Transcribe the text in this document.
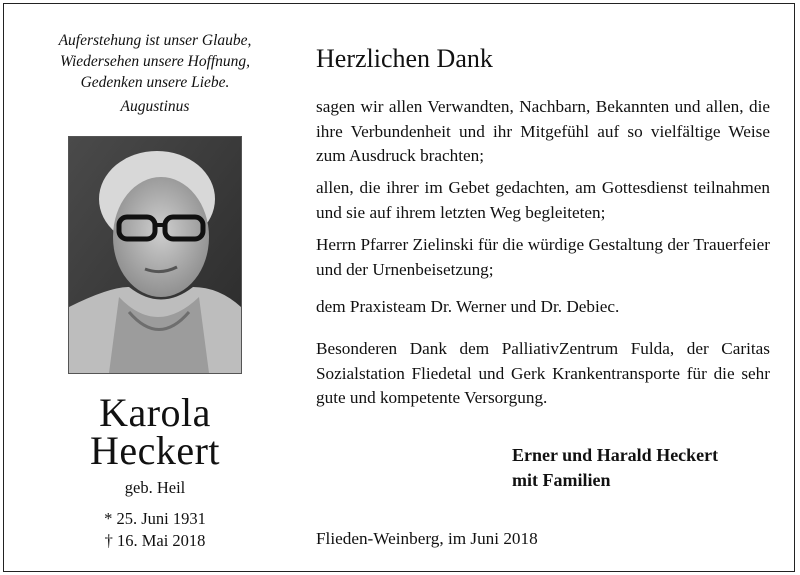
Auferstehung ist unser Glaube,
Wiedersehen unsere Hoffnung,
Gedenken unsere Liebe.
Augustinus
Karola
Heckert
geb. Heil
* 25. Juni 1931
† 16. Mai 2018
Herzlichen Dank
sagen wir allen Verwandten, Nachbarn, Bekannten und allen, die ihre Verbundenheit und ihr Mitgefühl auf so vielfältige Weise zum Ausdruck brachten;
allen, die ihrer im Gebet gedachten, am Gottesdienst teilnahmen und sie auf ihrem letzten Weg begleiteten;
Herrn Pfarrer Zielinski für die würdige Gestaltung der Trauerfeier und der Urnenbeisetzung;
dem Praxisteam Dr. Werner und Dr. Debiec.
Besonderen Dank dem PalliativZentrum Fulda, der Caritas Sozialstation Fliedetal und Gerk Krankentransporte für die sehr gute und kompetente Versorgung.
Erner und Harald Heckert
mit Familien
Flieden-Weinberg, im Juni 2018
